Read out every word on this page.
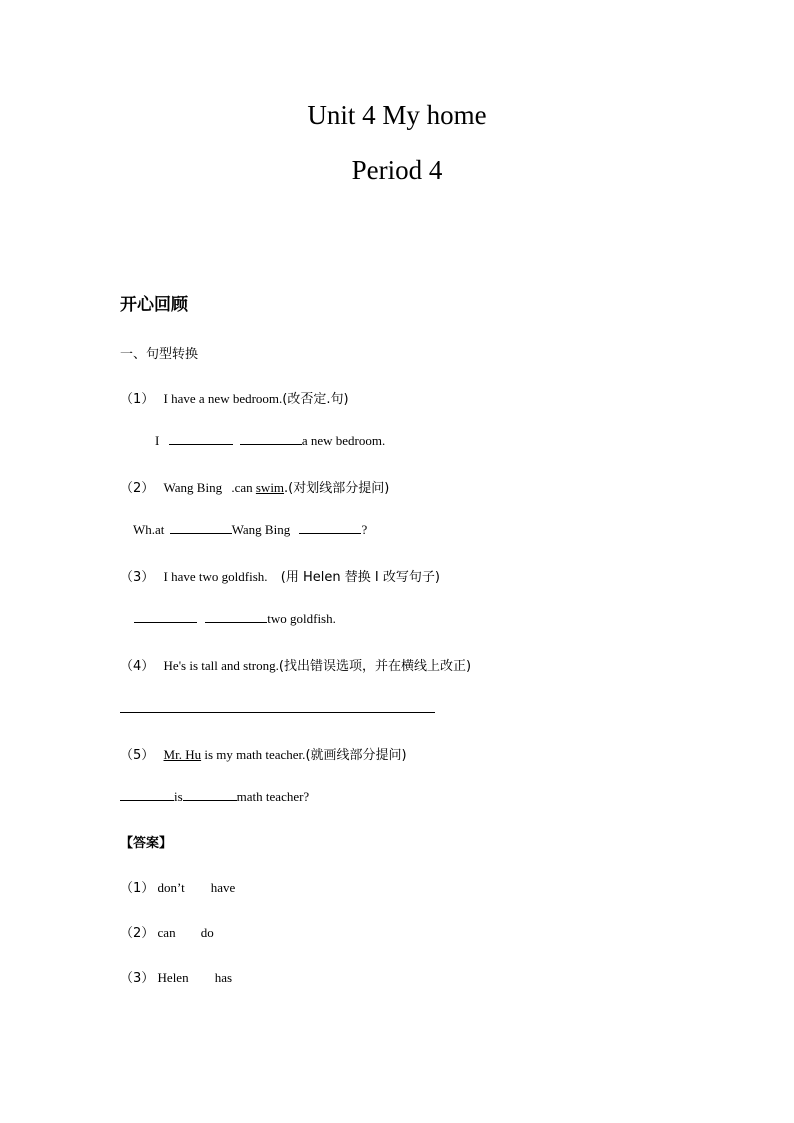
Unit 4 My home
Period 4
开心回顾
一、句型转换
（1） I have a new bedroom.(改否定.句)
I	a new bedroom.
（2） Wang Bing .can swim.(对划线部分提问)
Wh.at	Wang Bing	?
（3） I have two goldfish. (用 Helen 替换 I 改写句子)
two goldfish.
（4） He's is tall and strong.(找出错误选项，并在横线上改正)
（5） Mr. Hu is my math teacher.(就画线部分提问)
is	math teacher?
【答案】
（1） don’t have
（2） can do
（3） Helen has
